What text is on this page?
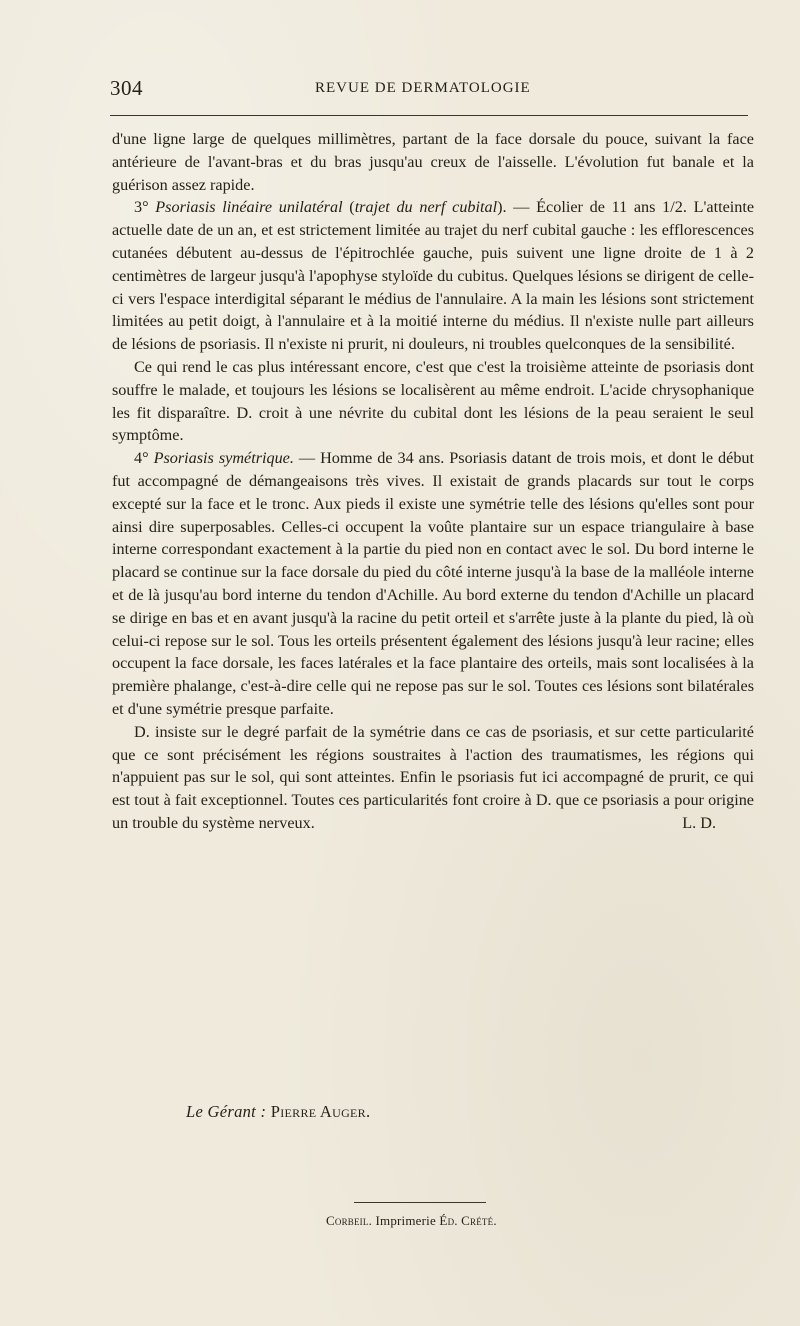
304	REVUE DE DERMATOLOGIE

d'une ligne large de quelques millimètres, partant de la face dorsale du pouce, suivant la face antérieure de l'avant-bras et du bras jusqu'au creux de l'aisselle. L'évolution fut banale et la guérison assez rapide.

3° Psoriasis linéaire unilatéral (trajet du nerf cubital). — Écolier de 11 ans 1/2. L'atteinte actuelle date de un an, et est strictement limitée au trajet du nerf cubital gauche : les efflorescences cutanées débutent au-dessus de l'épitrochlée gauche, puis suivent une ligne droite de 1 à 2 centimètres de largeur jusqu'à l'apophyse styloïde du cubitus. Quelques lésions se dirigent de celle-ci vers l'espace interdigital séparant le médius de l'annulaire. A la main les lésions sont strictement limitées au petit doigt, à l'annulaire et à la moitié interne du médius. Il n'existe nulle part ailleurs de lésions de psoriasis. Il n'existe ni prurit, ni douleurs, ni troubles quelconques de la sensibilité.

Ce qui rend le cas plus intéressant encore, c'est que c'est la troisième atteinte de psoriasis dont souffre le malade, et toujours les lésions se localisèrent au même endroit. L'acide chrysophanique les fit disparaître. D. croit à une névrite du cubital dont les lésions de la peau seraient le seul symptôme.

4° Psoriasis symétrique. — Homme de 34 ans. Psoriasis datant de trois mois, et dont le début fut accompagné de démangeaisons très vives. Il existait de grands placards sur tout le corps excepté sur la face et le tronc. Aux pieds il existe une symétrie telle des lésions qu'elles sont pour ainsi dire superposables. Celles-ci occupent la voûte plantaire sur un espace triangulaire à base interne correspondant exactement à la partie du pied non en contact avec le sol. Du bord interne le placard se continue sur la face dorsale du pied du côté interne jusqu'à la base de la malléole interne et de là jusqu'au bord interne du tendon d'Achille. Au bord externe du tendon d'Achille un placard se dirige en bas et en avant jusqu'à la racine du petit orteil et s'arrête juste à la plante du pied, là où celui-ci repose sur le sol. Tous les orteils présentent également des lésions jusqu'à leur racine; elles occupent la face dorsale, les faces latérales et la face plantaire des orteils, mais sont localisées à la première phalange, c'est-à-dire celle qui ne repose pas sur le sol. Toutes ces lésions sont bilatérales et d'une symétrie presque parfaite.

D. insiste sur le degré parfait de la symétrie dans ce cas de psoriasis, et sur cette particularité que ce sont précisément les régions soustraites à l'action des traumatismes, les régions qui n'appuient pas sur le sol, qui sont atteintes. Enfin le psoriasis fut ici accompagné de prurit, ce qui est tout à fait exceptionnel. Toutes ces particularités font croire à D. que ce psoriasis a pour origine un trouble du système nerveux.	L. D.

Le Gérant : Pierre Auger.
Corbeil. Imprimerie Éd. Crété.
